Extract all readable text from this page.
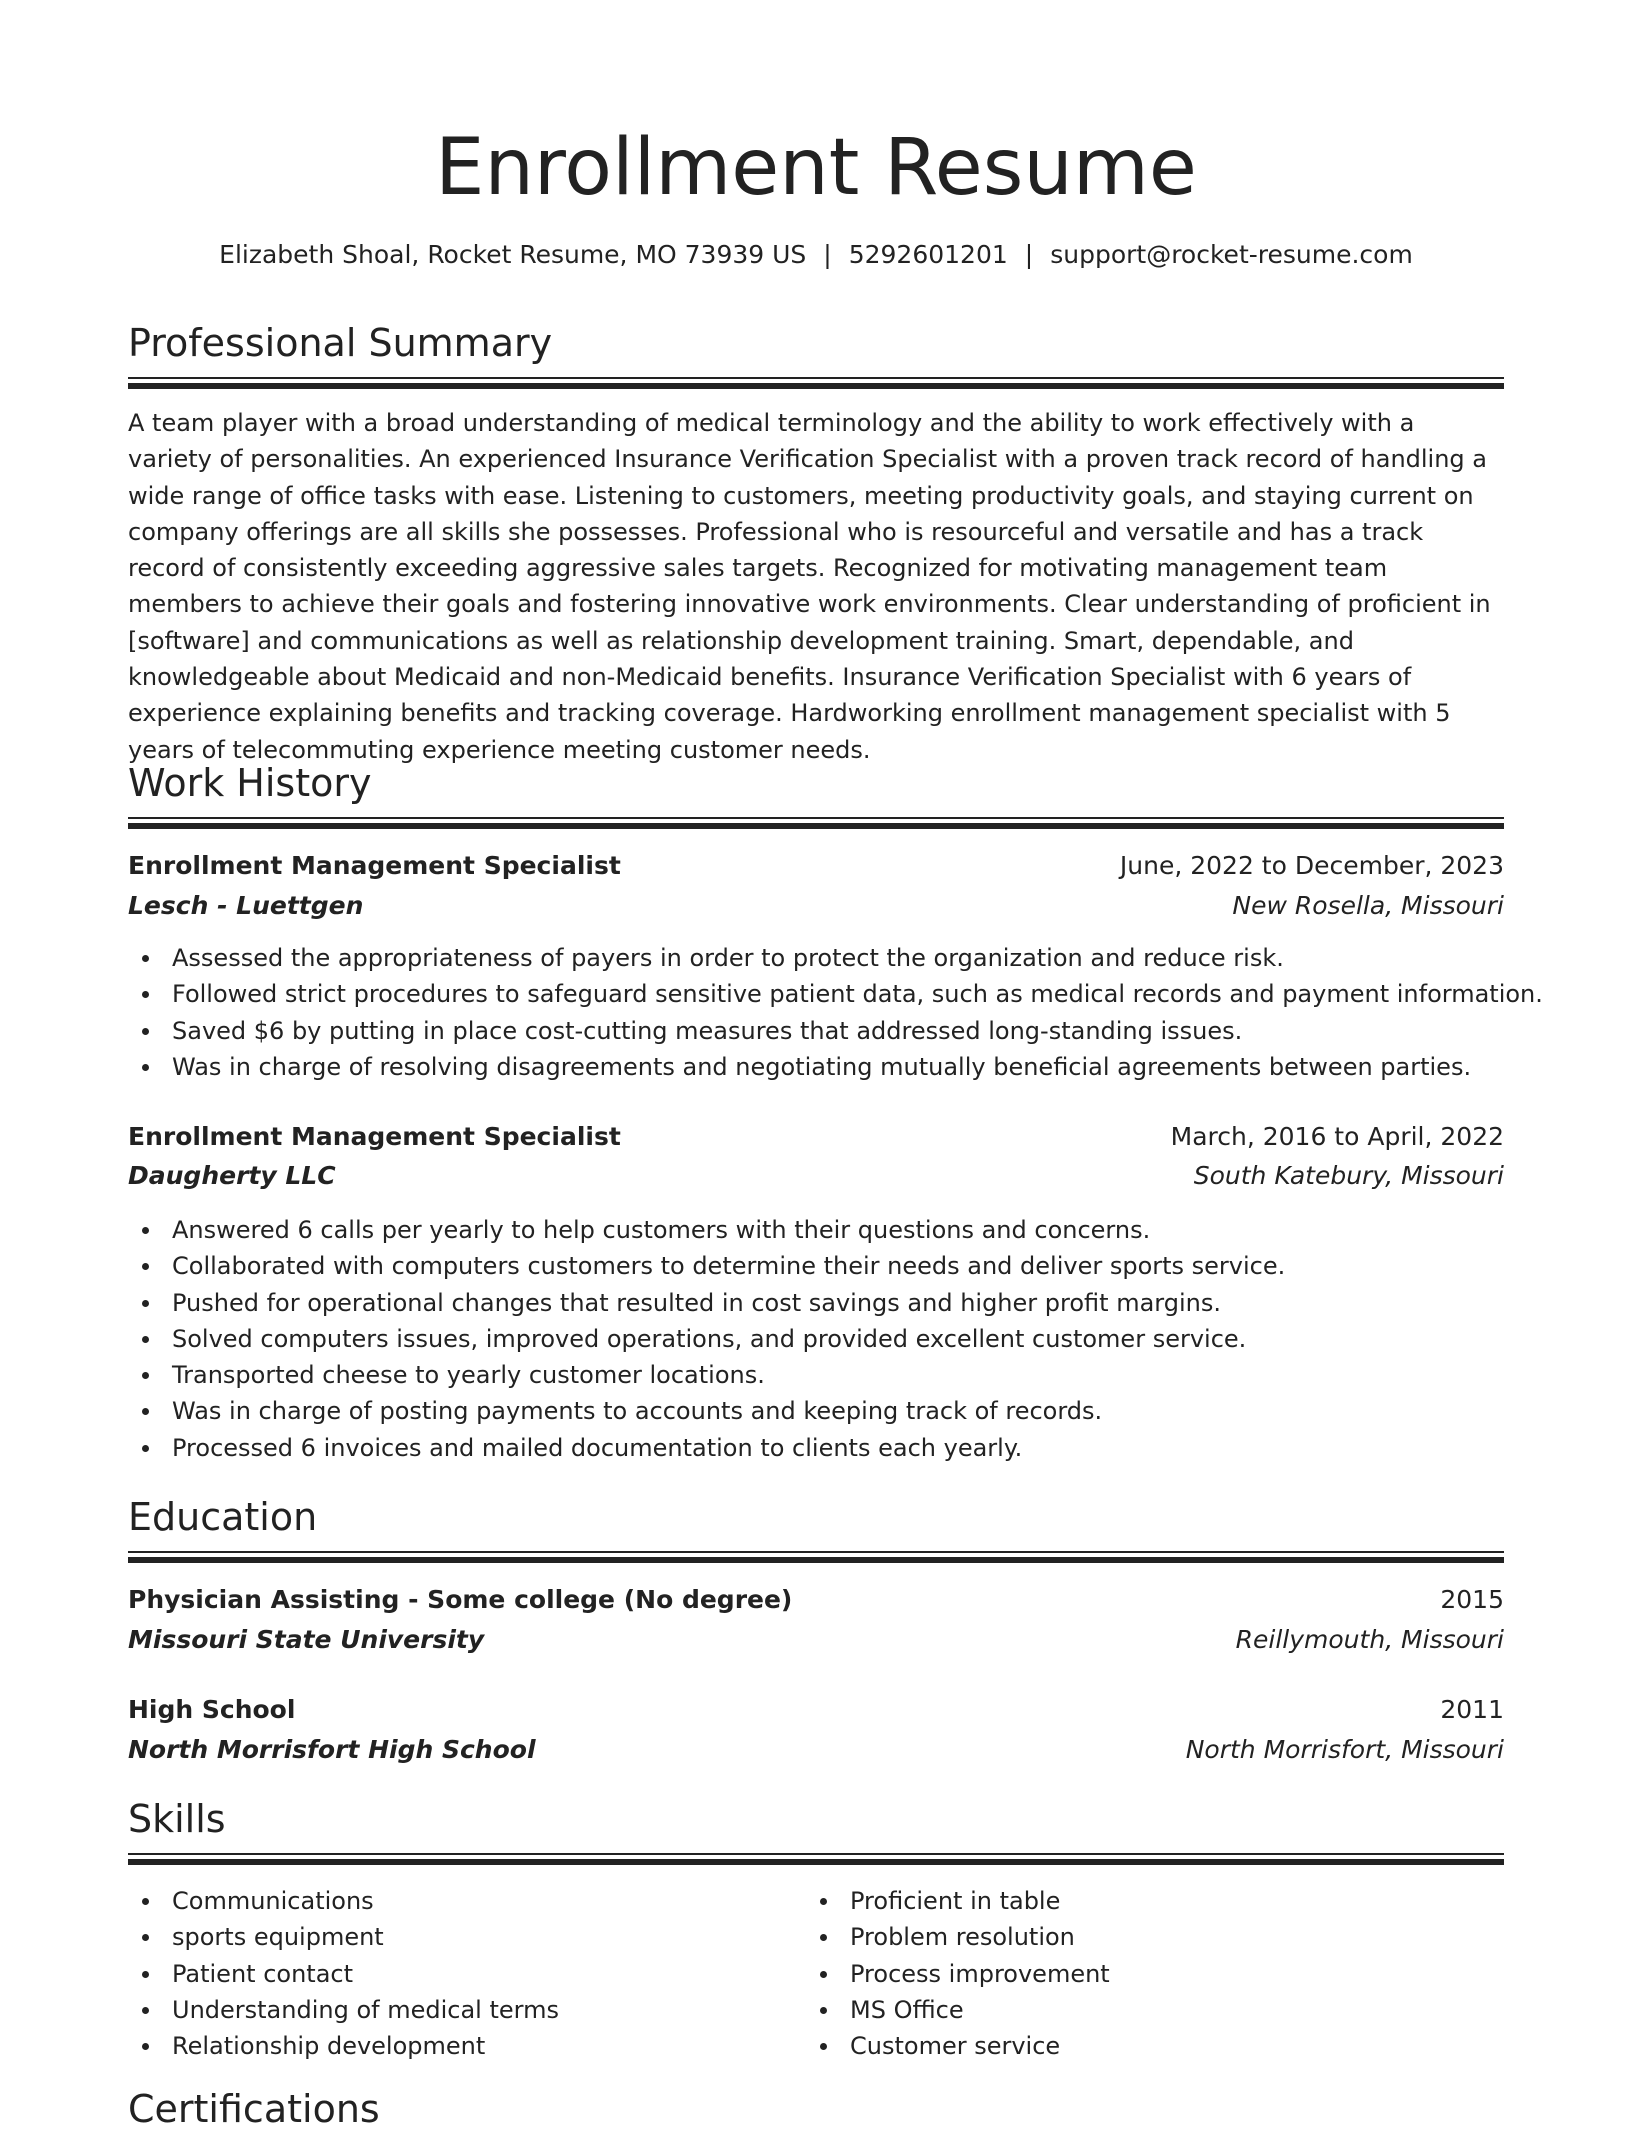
Enrollment Resume
Elizabeth Shoal, Rocket Resume, MO 73939 US | 5292601201 | support@rocket-resume.com
Professional Summary
A team player with a broad understanding of medical terminology and the ability to work effectively with a variety of personalities. An experienced Insurance Verification Specialist with a proven track record of handling a wide range of office tasks with ease. Listening to customers, meeting productivity goals, and staying current on company offerings are all skills she possesses. Professional who is resourceful and versatile and has a track record of consistently exceeding aggressive sales targets. Recognized for motivating management team members to achieve their goals and fostering innovative work environments. Clear understanding of proficient in [software] and communications as well as relationship development training. Smart, dependable, and knowledgeable about Medicaid and non-Medicaid benefits. Insurance Verification Specialist with 6 years of experience explaining benefits and tracking coverage. Hardworking enrollment management specialist with 5 years of telecommuting experience meeting customer needs.
Work History
Enrollment Management Specialist	June, 2022 to December, 2023
Lesch - Luettgen	New Rosella, Missouri
Assessed the appropriateness of payers in order to protect the organization and reduce risk.
Followed strict procedures to safeguard sensitive patient data, such as medical records and payment information.
Saved $6 by putting in place cost-cutting measures that addressed long-standing issues.
Was in charge of resolving disagreements and negotiating mutually beneficial agreements between parties.
Enrollment Management Specialist	March, 2016 to April, 2022
Daugherty LLC	South Katebury, Missouri
Answered 6 calls per yearly to help customers with their questions and concerns.
Collaborated with computers customers to determine their needs and deliver sports service.
Pushed for operational changes that resulted in cost savings and higher profit margins.
Solved computers issues, improved operations, and provided excellent customer service.
Transported cheese to yearly customer locations.
Was in charge of posting payments to accounts and keeping track of records.
Processed 6 invoices and mailed documentation to clients each yearly.
Education
Physician Assisting - Some college (No degree)	2015
Missouri State University	Reillymouth, Missouri
High School	2011
North Morrisfort High School	North Morrisfort, Missouri
Skills
Communications
sports equipment
Patient contact
Understanding of medical terms
Relationship development
Proficient in table
Problem resolution
Process improvement
MS Office
Customer service
Certifications
